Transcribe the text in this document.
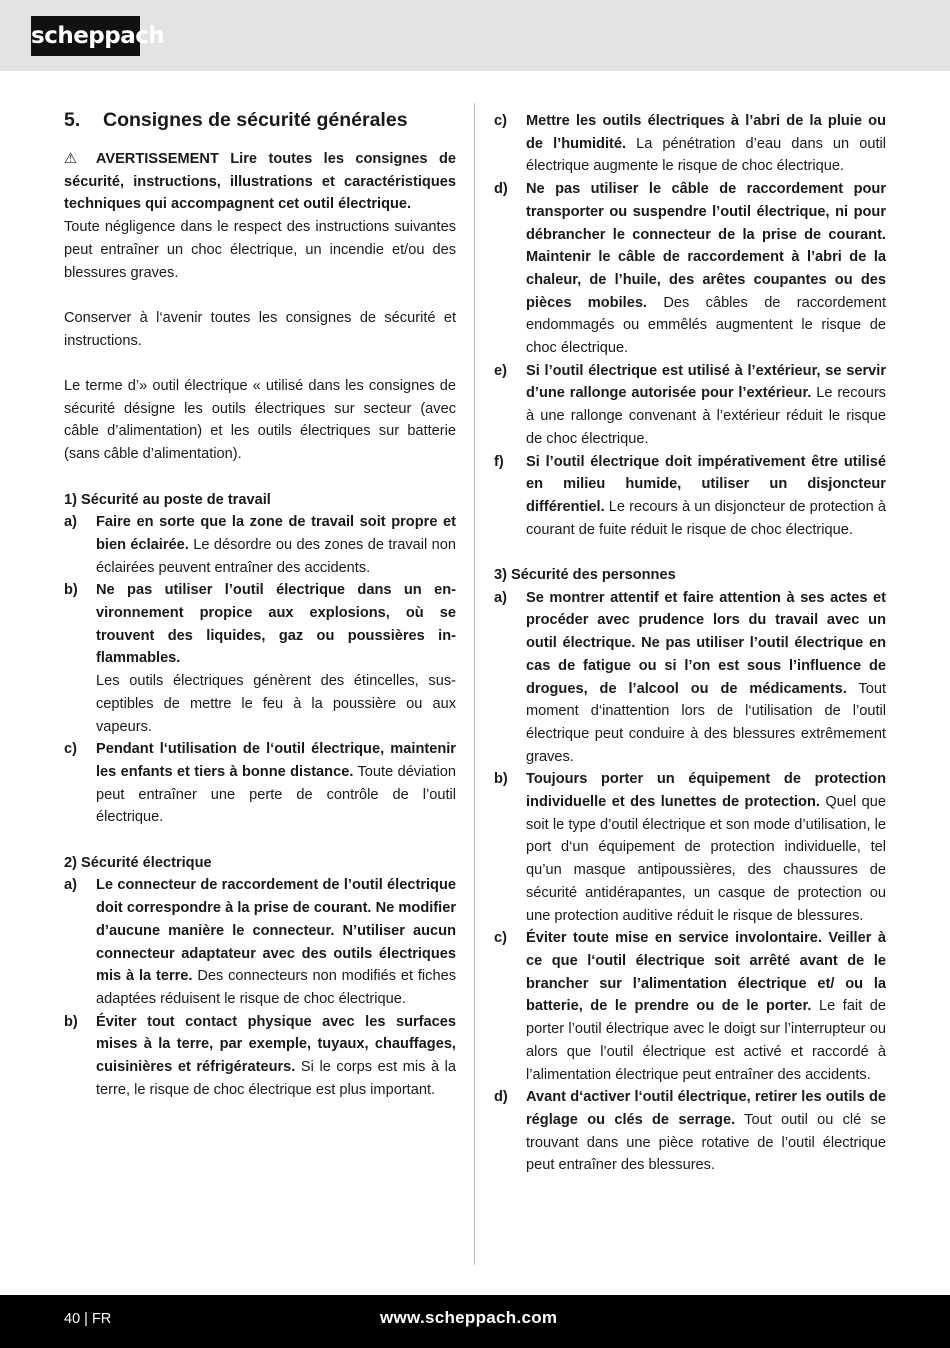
scheppach
5.	Consignes de sécurité générales

⚠ AVERTISSEMENT Lire toutes les consignes de sécurité, instructions, illustrations et caractéristiques techniques qui accompagnent cet outil électrique.

Toute négligence dans le respect des instructions suivantes peut entraîner un choc électrique, un incendie et/ou des blessures graves.

Conserver à l‘avenir toutes les consignes de sécurité et instructions.

Le terme d’» outil électrique « utilisé dans les consignes de sécurité désigne les outils électriques sur secteur (avec câble d’alimentation) et les outils électriques sur batterie (sans câble d’alimentation).

1) Sécurité au poste de travail
a)	Faire en sorte que la zone de travail soit propre et bien éclairée. Le désordre ou des zones de travail non éclairées peuvent entraîner des accidents.
b)	Ne pas utiliser l’outil électrique dans un environnement propice aux explosions, où se trouvent des liquides, gaz ou poussières inflammables.
Les outils électriques génèrent des étincelles, susceptibles de mettre le feu à la poussière ou aux vapeurs.
c)	Pendant l‘utilisation de l‘outil électrique, maintenir les enfants et tiers à bonne distance. Toute déviation peut entraîner une perte de contrôle de l’outil électrique.
2) Sécurité électrique
a)	Le connecteur de raccordement de l’outil électrique doit correspondre à la prise de courant. Ne modifier d’aucune manière le connecteur. N’utiliser aucun connecteur adaptateur avec des outils électriques mis à la terre. Des connecteurs non modifiés et fiches adaptées réduisent le risque de choc électrique.
b)	Éviter tout contact physique avec les surfaces mises à la terre, par exemple, tuyaux, chauffages, cuisinières et réfrigérateurs. Si le corps est mis à la terre, le risque de choc électrique est plus important.
c)	Mettre les outils électriques à l’abri de la pluie ou de l’humidité. La pénétration d’eau dans un outil électrique augmente le risque de choc électrique.
d)	Ne pas utiliser le câble de raccordement pour transporter ou suspendre l’outil électrique, ni pour débrancher le connecteur de la prise de courant. Maintenir le câble de raccordement à l’abri de la chaleur, de l’huile, des arêtes coupantes ou des pièces mobiles. Des câbles de raccordement endommagés ou emmêlés augmentent le risque de choc électrique.
e)	Si l’outil électrique est utilisé à l’extérieur, se servir d’une rallonge autorisée pour l’extérieur. Le recours à une rallonge convenant à l’extérieur réduit le risque de choc électrique.
f)	Si l’outil électrique doit impérativement être utilisé en milieu humide, utiliser un disjoncteur différentiel. Le recours à un disjoncteur de protection à courant de fuite réduit le risque de choc électrique.
3) Sécurité des personnes
a)	Se montrer attentif et faire attention à ses actes et procéder avec prudence lors du travail avec un outil électrique. Ne pas utiliser l’outil électrique en cas de fatigue ou si l’on est sous l’influence de drogues, de l’alcool ou de médicaments. Tout moment d‘inattention lors de l‘utilisation de l’outil électrique peut conduire à des blessures extrêmement graves.
b)	Toujours porter un équipement de protection individuelle et des lunettes de protection. Quel que soit le type d’outil électrique et son mode d’utilisation, le port d‘un équipement de protection individuelle, tel qu’un masque antipoussières, des chaussures de sécurité antidérapantes, un casque de protection ou une protection auditive réduit le risque de blessures.
c)	Éviter toute mise en service involontaire. Veiller à ce que l‘outil électrique soit arrêté avant de le brancher sur l’alimentation électrique et/ ou la batterie, de le prendre ou de le porter. Le fait de porter l’outil électrique avec le doigt sur l’interrupteur ou alors que l’outil électrique est activé et raccordé à l’alimentation électrique peut entraîner des accidents.
d)	Avant d‘activer l‘outil électrique, retirer les outils de réglage ou clés de serrage. Tout outil ou clé se trouvant dans une pièce rotative de l’outil électrique peut entraîner des blessures.
40 | FR	www.scheppach.com
